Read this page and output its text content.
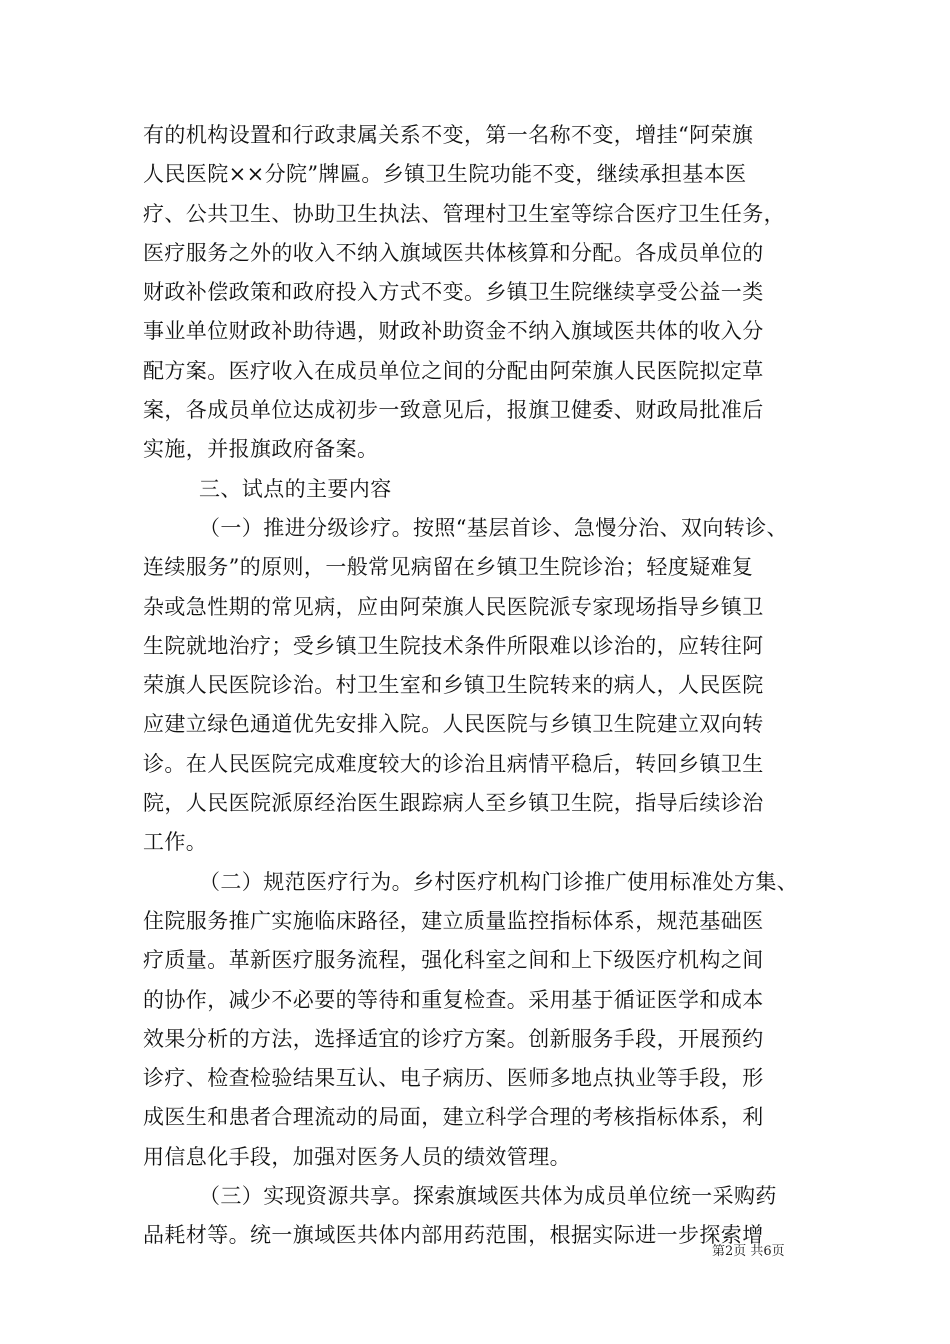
有的机构设置和行政隶属关系不变，第一名称不变，增挂“阿荣旗
人民医院××分院”牌匾。乡镇卫生院功能不变，继续承担基本医
疗、公共卫生、协助卫生执法、管理村卫生室等综合医疗卫生任务，
医疗服务之外的收入不纳入旗域医共体核算和分配。各成员单位的
财政补偿政策和政府投入方式不变。乡镇卫生院继续享受公益一类
事业单位财政补助待遇，财政补助资金不纳入旗域医共体的收入分
配方案。医疗收入在成员单位之间的分配由阿荣旗人民医院拟定草
案，各成员单位达成初步一致意见后，报旗卫健委、财政局批准后
实施，并报旗政府备案。
三、试点的主要内容
（一）推进分级诊疗。按照“基层首诊、急慢分治、双向转诊、
连续服务”的原则，一般常见病留在乡镇卫生院诊治；轻度疑难复
杂或急性期的常见病，应由阿荣旗人民医院派专家现场指导乡镇卫
生院就地治疗；受乡镇卫生院技术条件所限难以诊治的，应转往阿
荣旗人民医院诊治。村卫生室和乡镇卫生院转来的病人，人民医院
应建立绿色通道优先安排入院。人民医院与乡镇卫生院建立双向转
诊。在人民医院完成难度较大的诊治且病情平稳后，转回乡镇卫生
院，人民医院派原经治医生跟踪病人至乡镇卫生院，指导后续诊治
工作。
（二）规范医疗行为。乡村医疗机构门诊推广使用标准处方集、
住院服务推广实施临床路径，建立质量监控指标体系，规范基础医
疗质量。革新医疗服务流程，强化科室之间和上下级医疗机构之间
的协作，减少不必要的等待和重复检查。采用基于循证医学和成本
效果分析的方法，选择适宜的诊疗方案。创新服务手段，开展预约
诊疗、检查检验结果互认、电子病历、医师多地点执业等手段，形
成医生和患者合理流动的局面，建立科学合理的考核指标体系，利
用信息化手段，加强对医务人员的绩效管理。
（三）实现资源共享。探索旗域医共体为成员单位统一采购药
品耗材等。统一旗域医共体内部用药范围，根据实际进一步探索增
第2页 共6页
